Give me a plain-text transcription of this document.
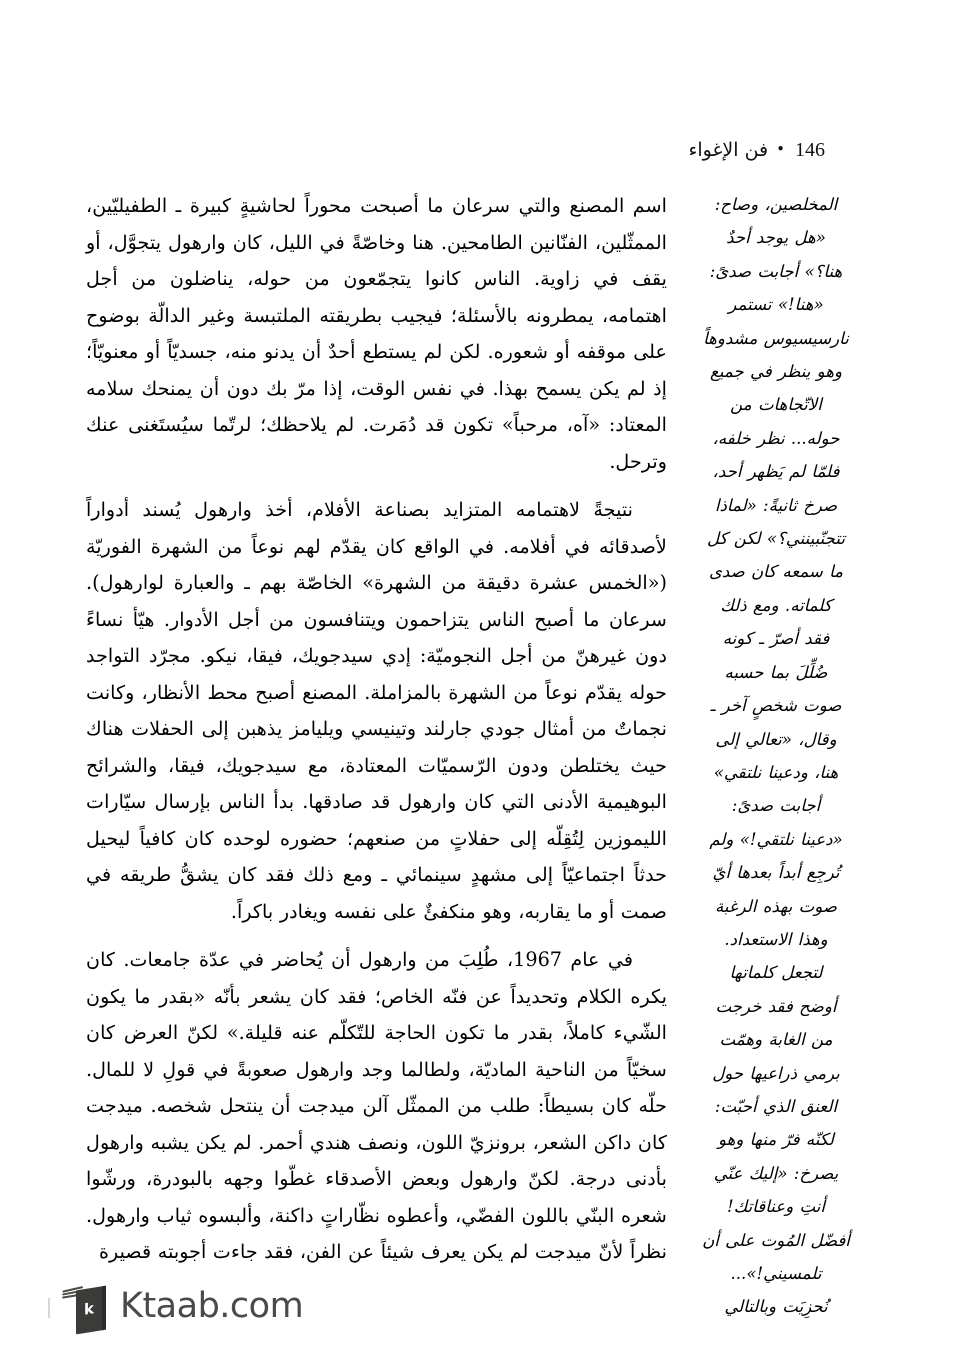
146•فن الإغواء

المخلصين، وصاح:

«هل يوجد أحدٌ

هنا؟» أجابت صدىً:

«هنا!» تستمر

نارسيسيوس مشدوهاً

وهو ينظر في جميع

الاتّجاهات من

حوله... نظر خلفه،

فلمّا لم يَظهر أحد،

صرخ ثانيةً: «لماذا

تتجنّبينني؟» لكن كل

ما سمعه كان صدى

كلماته. ومع ذلك

فقد أصرّ ـ كونه

ضُلِّلَ بما حسبه

صوت شخصٍ آخر ـ

وقال، «تعالي إلى

هنا، ودعينا نلتقي»

أجابت صدىً:

«دعينا نلتقي!» ولم

تُرجِع أبداً بعدها أيّ

صوت بهذه الرغبة

وهذا الاستعداد.

لتجعل كلماتها

أوضح فقد خرجت

من الغابة وهمّت

برمي ذراعيها حول

العنق الذي أحبّت:

لكنّه فرّ منها وهو

يصرخ: «إليك عنّي

أنتِ وعناقاتك!

أفضّل المُوت على أن

تلمسيني!»...

نُحزِيَت وبالتالي

اسم المصنع والتي سرعان ما أصبحت محوراً لحاشيةٍ كبيرة ـ الطفيليّين، الممثّلين، الفنّانين الطامحين. هنا وخاصّةً في الليل، كان وارهول يتجوَّل، أو يقف في زاوية. الناس كانوا يتجمّعون من حوله، يناضلون من أجل اهتمامه، يمطرونه بالأسئلة؛ فيجيب بطريقته الملتبسة وغير الدالّة بوضوح على موقفه أو شعوره. لكن لم يستطع أحدٌ أن يدنو منه، جسديّاً أو معنويّاً؛ إذ لم يكن يسمح بهذا. في نفس الوقت، إذا مرّ بك دون أن يمنحك سلامه المعتاد: «آه، مرحباً» تكون قد دُمَرت. لم يلاحظك؛ لرتّما سيُستَغنى عنك وترحل.

نتيجةً لاهتمامه المتزايد بصناعة الأفلام، أخذ وارهول يُسند أدواراً لأصدقائه في أفلامه. في الواقع كان يقدّم لهم نوعاً من الشهرة الفوريّة («الخمس عشرة دقيقة من الشهرة» الخاصّة بهم ـ والعبارة لوارهول). سرعان ما أصبح الناس يتزاحمون ويتنافسون من أجل الأدوار. هيّأ نساءً دون غيرهنّ من أجل النجوميّة: إدي سيدجويك، فيقا، نيكو. مجرّد التواجد حوله يقدّم نوعاً من الشهرة بالمزاملة. المصنع أصبح محط الأنظار، وكانت نجماتٌ من أمثال جودي جارلند وتينيسي ويليامز يذهبن إلى الحفلات هناك حيث يختلطن ودون الرّسميّات المعتادة، مع سيدجويك، فيقا، والشرائح البوهيمية الأدنى التي كان وارهول قد صادقها. بدأ الناس بإرسال سيّارات الليموزين لِتُقِلّه إلى حفلاتٍ من صنعهم؛ حضوره لوحده كان كافياً ليحيل حدثاً اجتماعيّاً إلى مشهدٍ سينمائي ـ ومع ذلك فقد كان يشقُّ طريقه في صمت أو ما يقاربه، وهو منكفئٌ على نفسه ويغادر باكراً.

في عام 1967، طُلِبَ من وارهول أن يُحاضر في عدّة جامعات. كان يكره الكلام وتحديداً عن فنّه الخاص؛ فقد كان يشعر بأنّه «بقدر ما يكون الشّيء كاملاً، بقدر ما تكون الحاجة للتّكلّم عنه قليلة.» لكنّ العرض كان سخيّاً من الناحية الماديّة، ولطالما وجد وارهول صعوبةً في قولِ لا للمال. حلّه كان بسيطاً: طلب من الممثّل آلن ميدجت أن ينتحل شخصه. ميدجت كان داكن الشعر، برونزيّ اللون، ونصف هندي أحمر. لم يكن يشبه وارهول بأدنى درجة. لكنّ وارهول وبعض الأصدقاء غطّوا وجهه بالبودرة، ورشّوا شعره البنّي باللون الفضّي، وأعطوه نظّاراتٍ داكنة، وألبسوه ثياب وارهول. نظراً لأنّ ميدجت لم يكن يعرف شيئاً عن الفن، فقد جاءت أجوبته قصيرة

k Ktaab.com
